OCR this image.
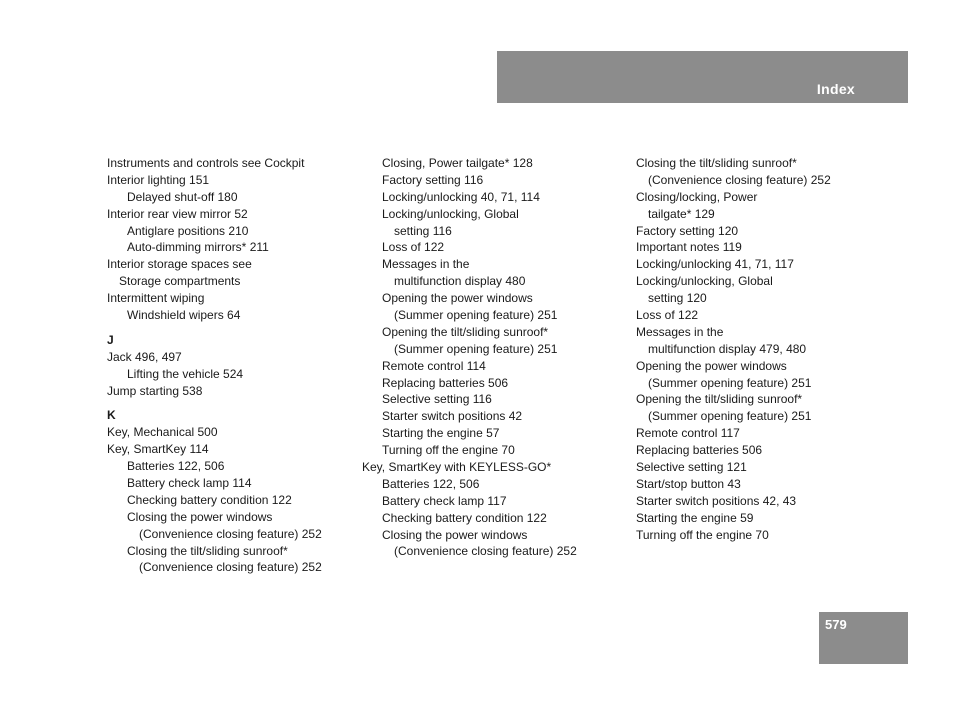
Index
Instruments and controls see Cockpit
Interior lighting 151
Delayed shut-off 180
Interior rear view mirror 52
Antiglare positions 210
Auto-dimming mirrors* 211
Interior storage spaces see
Storage compartments
Intermittent wiping
Windshield wipers 64
J
Jack 496, 497
Lifting the vehicle 524
Jump starting 538
K
Key, Mechanical 500
Key, SmartKey 114
Batteries 122, 506
Battery check lamp 114
Checking battery condition 122
Closing the power windows
(Convenience closing feature) 252
Closing the tilt/sliding sunroof*
(Convenience closing feature) 252
Closing, Power tailgate* 128
Factory setting 116
Locking/unlocking 40, 71, 114
Locking/unlocking, Global
setting 116
Loss of 122
Messages in the
multifunction display 480
Opening the power windows
(Summer opening feature) 251
Opening the tilt/sliding sunroof*
(Summer opening feature) 251
Remote control 114
Replacing batteries 506
Selective setting 116
Starter switch positions 42
Starting the engine 57
Turning off the engine 70
Key, SmartKey with KEYLESS-GO*
Batteries 122, 506
Battery check lamp 117
Checking battery condition 122
Closing the power windows
(Convenience closing feature) 252
Closing the tilt/sliding sunroof*
(Convenience closing feature) 252
Closing/locking, Power
tailgate* 129
Factory setting 120
Important notes 119
Locking/unlocking 41, 71, 117
Locking/unlocking, Global
setting 120
Loss of 122
Messages in the
multifunction display 479, 480
Opening the power windows
(Summer opening feature) 251
Opening the tilt/sliding sunroof*
(Summer opening feature) 251
Remote control 117
Replacing batteries 506
Selective setting 121
Start/stop button 43
Starter switch positions 42, 43
Starting the engine 59
Turning off the engine 70
579
